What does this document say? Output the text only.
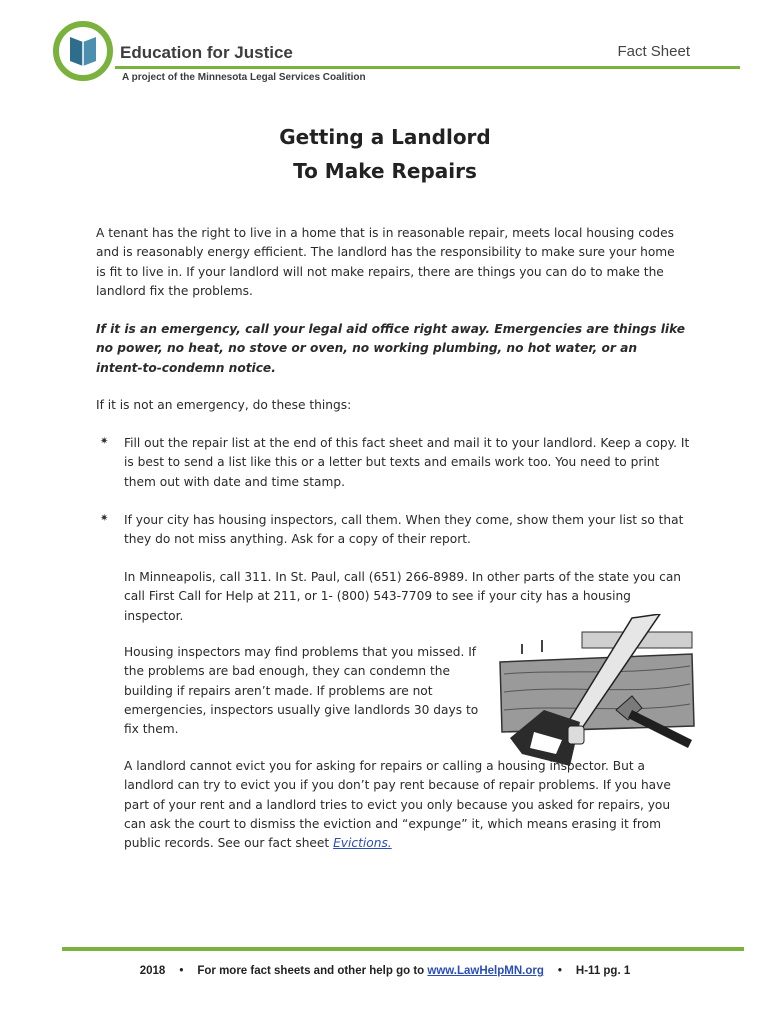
Education for Justice
A project of the Minnesota Legal Services Coalition
Fact Sheet
Getting a Landlord
To Make Repairs
A tenant has the right to live in a home that is in reasonable repair, meets local housing codes and is reasonably energy efficient. The landlord has the responsibility to make sure your home is fit to live in. If your landlord will not make repairs, there are things you can do to make the landlord fix the problems.
If it is an emergency, call your legal aid office right away. Emergencies are things like no power, no heat, no stove or oven, no working plumbing, no hot water, or an intent-to-condemn notice.
If it is not an emergency, do these things:
✷ Fill out the repair list at the end of this fact sheet and mail it to your landlord. Keep a copy. It is best to send a list like this or a letter but texts and emails work too. You need to print them out with date and time stamp.
✷ If your city has housing inspectors, call them. When they come, show them your list so that they do not miss anything. Ask for a copy of their report.
In Minneapolis, call 311. In St. Paul, call (651) 266-8989. In other parts of the state you can call First Call for Help at 211, or 1- (800) 543-7709 to see if your city has a housing inspector.
Housing inspectors may find problems that you missed. If the problems are bad enough, they can condemn the building if repairs aren’t made. If problems are not emergencies, inspectors usually give landlords 30 days to fix them.
A landlord cannot evict you for asking for repairs or calling a housing inspector. But a landlord can try to evict you if you don’t pay rent because of repair problems. If you have part of your rent and a landlord tries to evict you only because you asked for repairs, you can ask the court to dismiss the eviction and “expunge” it, which means erasing it from public records. See our fact sheet Evictions.
2018 • For more fact sheets and other help go to www.LawHelpMN.org • H-11 pg. 1
